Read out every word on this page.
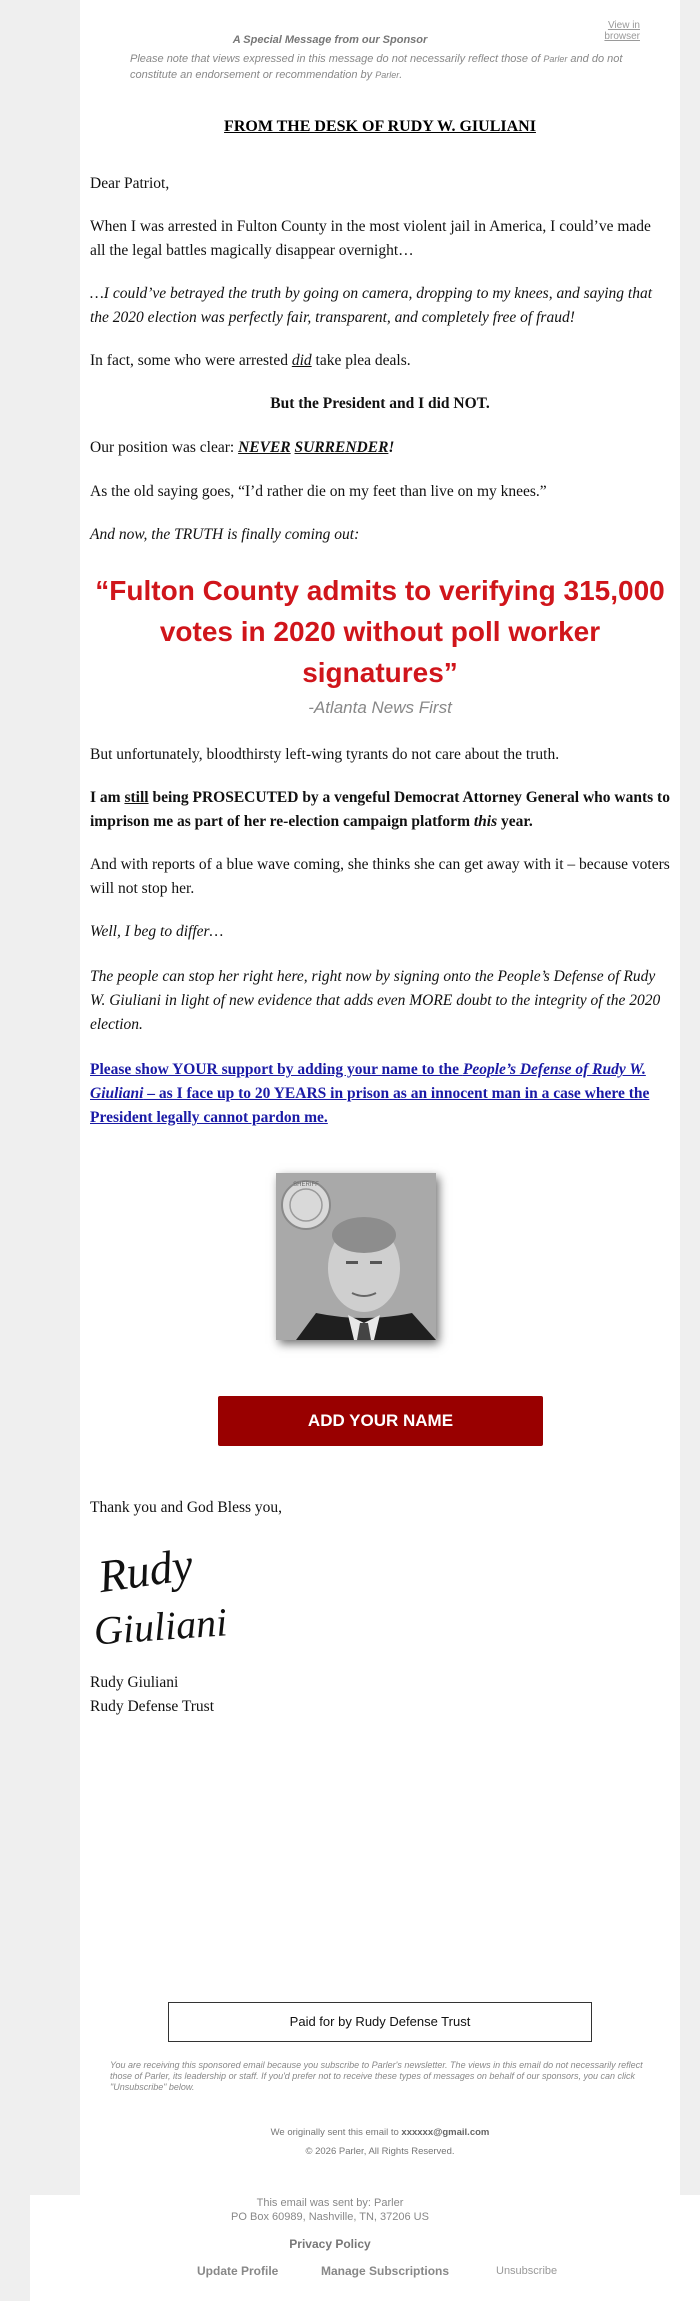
View in browser
A Special Message from our Sponsor
Please note that views expressed in this message do not necessarily reflect those of Parler and do not constitute an endorsement or recommendation by Parler.
FROM THE DESK OF RUDY W. GIULIANI
Dear Patriot,
When I was arrested in Fulton County in the most violent jail in America, I could’ve made all the legal battles magically disappear overnight…
…I could’ve betrayed the truth by going on camera, dropping to my knees, and saying that the 2020 election was perfectly fair, transparent, and completely free of fraud!
In fact, some who were arrested did take plea deals.
But the President and I did NOT.
Our position was clear: NEVER SURRENDER!
As the old saying goes, “I’d rather die on my feet than live on my knees.”
And now, the TRUTH is finally coming out:
“Fulton County admits to verifying 315,000 votes in 2020 without poll worker signatures”
-Atlanta News First
But unfortunately, bloodthirsty left-wing tyrants do not care about the truth.
I am still being PROSECUTED by a vengeful Democrat Attorney General who wants to imprison me as part of her re-election campaign platform this year.
And with reports of a blue wave coming, she thinks she can get away with it – because voters will not stop her.
Well, I beg to differ…
The people can stop her right here, right now by signing onto the People’s Defense of Rudy W. Giuliani in light of new evidence that adds even MORE doubt to the integrity of the 2020 election.
Please show YOUR support by adding your name to the People’s Defense of Rudy W. Giuliani – as I face up to 20 YEARS in prison as an innocent man in a case where the President legally cannot pardon me.
SHERIFF
ADD YOUR NAME
Thank you and God Bless you,
Rudy
Giuliani
Rudy Giuliani
Rudy Defense Trust
Paid for by Rudy Defense Trust
You are receiving this sponsored email because you subscribe to Parler's newsletter. The views in this email do not necessarily reflect those of Parler, its leadership or staff. If you'd prefer not to receive these types of messages on behalf of our sponsors, you can click "Unsubscribe" below.
We originally sent this email to xxxxxx@gmail.com
© 2026 Parler, All Rights Reserved.
This email was sent by: Parler
PO Box 60989, Nashville, TN, 37206 US
Privacy Policy
Update Profile	Manage Subscriptions	Unsubscribe
